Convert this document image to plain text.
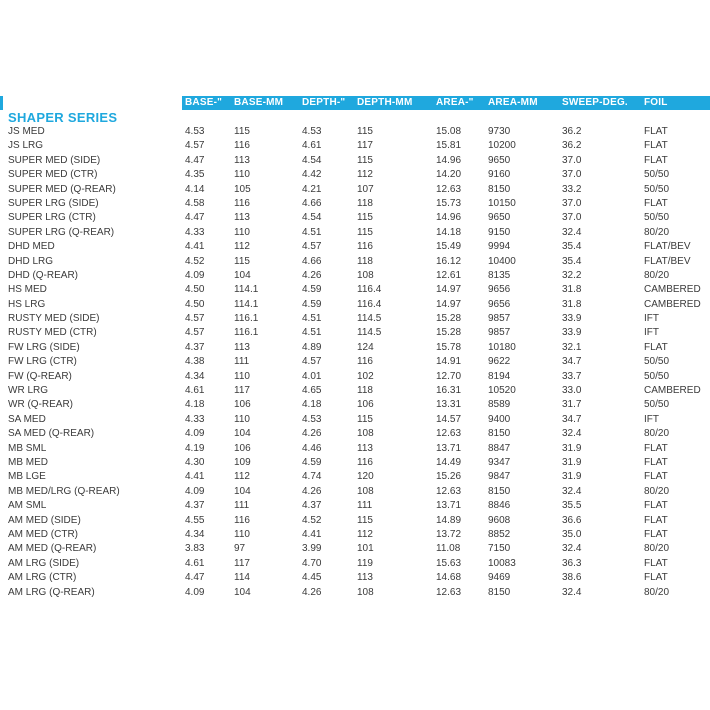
BASE-" BASE-MM DEPTH-" DEPTH-MM AREA-" AREA-MM SWEEP-DEG. FOIL
SHAPER SERIES
JS MED	4.53	115	4.53	115	15.08	9730	36.2	FLAT
JS LRG	4.57	116	4.61	117	15.81	10200	36.2	FLAT
SUPER MED (SIDE)	4.47	113	4.54	115	14.96	9650	37.0	FLAT
SUPER MED (CTR)	4.35	110	4.42	112	14.20	9160	37.0	50/50
SUPER MED (Q-REAR)	4.14	105	4.21	107	12.63	8150	33.2	50/50
SUPER LRG (SIDE)	4.58	116	4.66	118	15.73	10150	37.0	FLAT
SUPER LRG (CTR)	4.47	113	4.54	115	14.96	9650	37.0	50/50
SUPER LRG (Q-REAR)	4.33	110	4.51	115	14.18	9150	32.4	80/20
DHD MED	4.41	112	4.57	116	15.49	9994	35.4	FLAT/BEV
DHD LRG	4.52	115	4.66	118	16.12	10400	35.4	FLAT/BEV
DHD (Q-REAR)	4.09	104	4.26	108	12.61	8135	32.2	80/20
HS MED	4.50	114.1	4.59	116.4	14.97	9656	31.8	CAMBERED
HS LRG	4.50	114.1	4.59	116.4	14.97	9656	31.8	CAMBERED
RUSTY MED (SIDE)	4.57	116.1	4.51	114.5	15.28	9857	33.9	IFT
RUSTY MED (CTR)	4.57	116.1	4.51	114.5	15.28	9857	33.9	IFT
FW LRG (SIDE)	4.37	113	4.89	124	15.78	10180	32.1	FLAT
FW LRG (CTR)	4.38	111	4.57	116	14.91	9622	34.7	50/50
FW (Q-REAR)	4.34	110	4.01	102	12.70	8194	33.7	50/50
WR LRG	4.61	117	4.65	118	16.31	10520	33.0	CAMBERED
WR (Q-REAR)	4.18	106	4.18	106	13.31	8589	31.7	50/50
SA MED	4.33	110	4.53	115	14.57	9400	34.7	IFT
SA MED (Q-REAR)	4.09	104	4.26	108	12.63	8150	32.4	80/20
MB SML	4.19	106	4.46	113	13.71	8847	31.9	FLAT
MB MED	4.30	109	4.59	116	14.49	9347	31.9	FLAT
MB LGE	4.41	112	4.74	120	15.26	9847	31.9	FLAT
MB MED/LRG (Q-REAR)	4.09	104	4.26	108	12.63	8150	32.4	80/20
AM SML	4.37	111	4.37	111	13.71	8846	35.5	FLAT
AM MED (SIDE)	4.55	116	4.52	115	14.89	9608	36.6	FLAT
AM MED (CTR)	4.34	110	4.41	112	13.72	8852	35.0	FLAT
AM MED (Q-REAR)	3.83	97	3.99	101	11.08	7150	32.4	80/20
AM LRG (SIDE)	4.61	117	4.70	119	15.63	10083	36.3	FLAT
AM LRG (CTR)	4.47	114	4.45	113	14.68	9469	38.6	FLAT
AM LRG (Q-REAR)	4.09	104	4.26	108	12.63	8150	32.4	80/20
